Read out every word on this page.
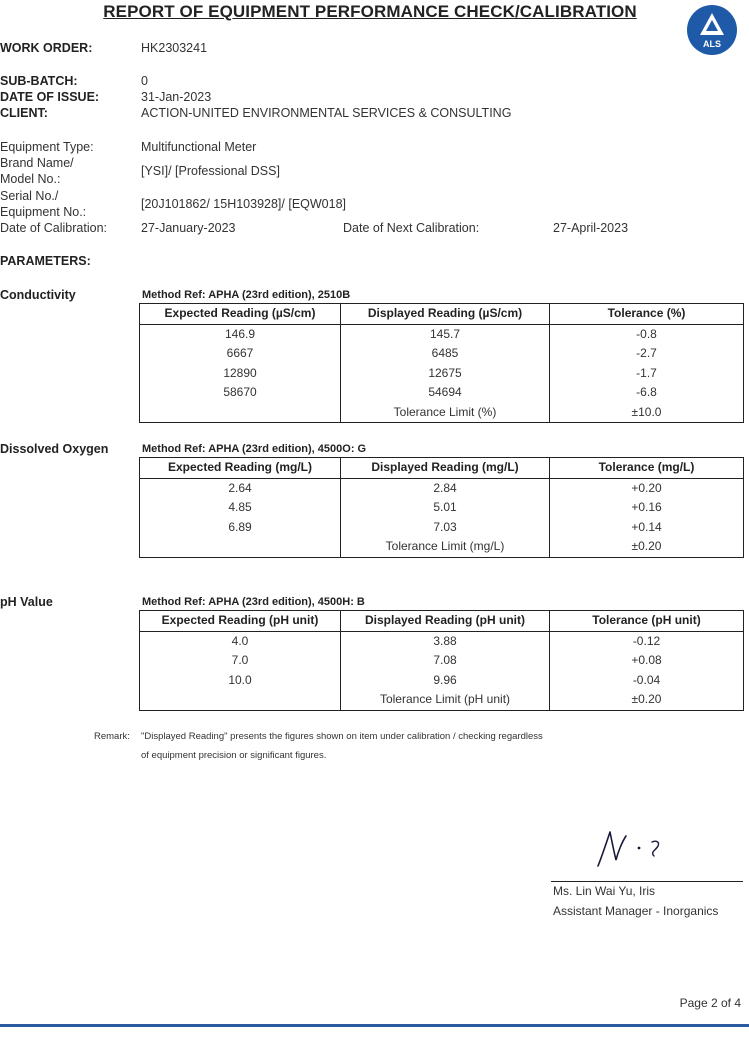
REPORT OF EQUIPMENT PERFORMANCE CHECK/CALIBRATION
ALS
WORK ORDER:	HK2303241
SUB-BATCH:	0
DATE OF ISSUE:	31-Jan-2023
CLIENT:	ACTION-UNITED ENVIRONMENTAL SERVICES & CONSULTING
Equipment Type:	Multifunctional Meter
Brand Name/
Model No.:
[YSI]/ [Professional DSS]
Serial No./
Equipment No.:
[20J101862/ 15H103928]/ [EQW018]
Date of Calibration:	27-January-2023	Date of Next Calibration:	27-April-2023
PARAMETERS:
Conductivity	Method Ref: APHA (23rd edition), 2510B
Expected Reading (µS/cm)	Displayed Reading (µS/cm)	Tolerance (%)
146.9	145.7	-0.8
6667	6485	-2.7
12890	12675	-1.7
58670	54694	-6.8
	Tolerance Limit (%)	±10.0
Dissolved Oxygen	Method Ref: APHA (23rd edition), 4500O: G
Expected Reading (mg/L)	Displayed Reading (mg/L)	Tolerance (mg/L)
2.64	2.84	+0.20
4.85	5.01	+0.16
6.89	7.03	+0.14
	Tolerance Limit (mg/L)	±0.20
pH Value	Method Ref: APHA (23rd edition), 4500H: B
Expected Reading (pH unit)	Displayed Reading (pH unit)	Tolerance (pH unit)
4.0	3.88	-0.12
7.0	7.08	+0.08
10.0	9.96	-0.04
	Tolerance Limit (pH unit)	±0.20
Remark: "Displayed Reading" presents the figures shown on item under calibration / checking regardless
of equipment precision or significant figures.
Ms. Lin Wai Yu, Iris
Assistant Manager - Inorganics
Page 2 of 4
